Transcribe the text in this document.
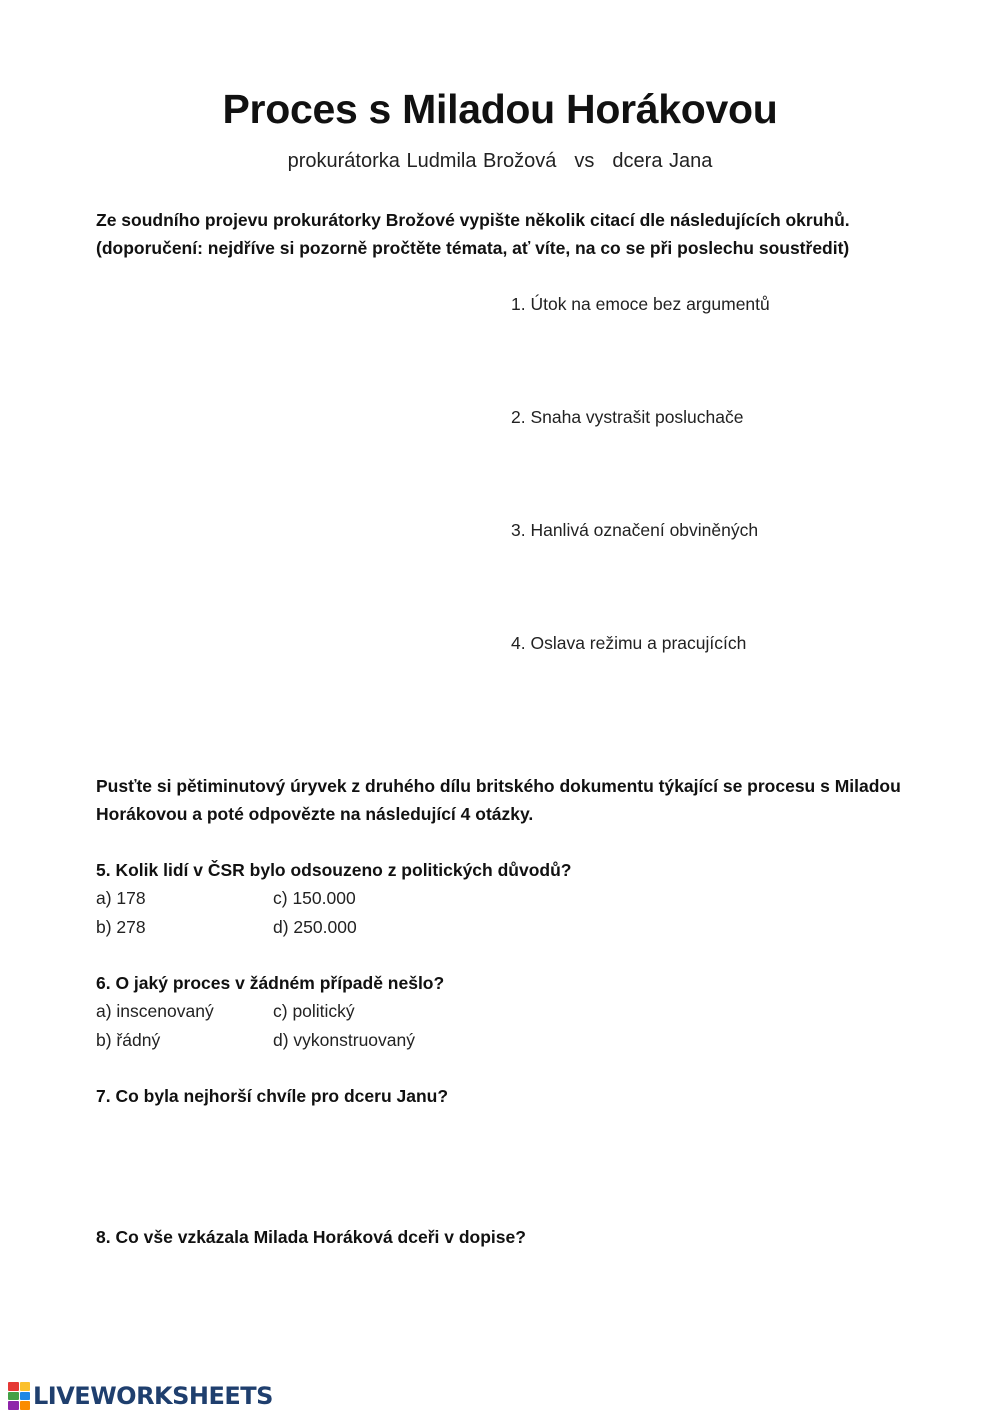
Proces s Miladou Horákovou
prokurátorka Ludmila Brožová vs dcera Jana
Ze soudního projevu prokurátorky Brožové vypište několik citací dle následujících okruhů.
(doporučení: nejdříve si pozorně pročtěte témata, ať víte, na co se při poslechu soustředit)
1. Útok na emoce bez argumentů
2. Snaha vystrašit posluchače
3. Hanlivá označení obviněných
4. Oslava režimu a pracujících
Pusťte si pětiminutový úryvek z druhého dílu britského dokumentu týkající se procesu s Miladou
Horákovou a poté odpovězte na následující 4 otázky.
5. Kolik lidí v ČSR bylo odsouzeno z politických důvodů?
a) 178	c) 150.000
b) 278	d) 250.000
6. O jaký proces v žádném případě nešlo?
a) inscenovaný	c) politický
b) řádný	d) vykonstruovaný
7. Co byla nejhorší chvíle pro dceru Janu?
8. Co vše vzkázala Milada Horáková dceři v dopise?
LIVEWORKSHEETS
